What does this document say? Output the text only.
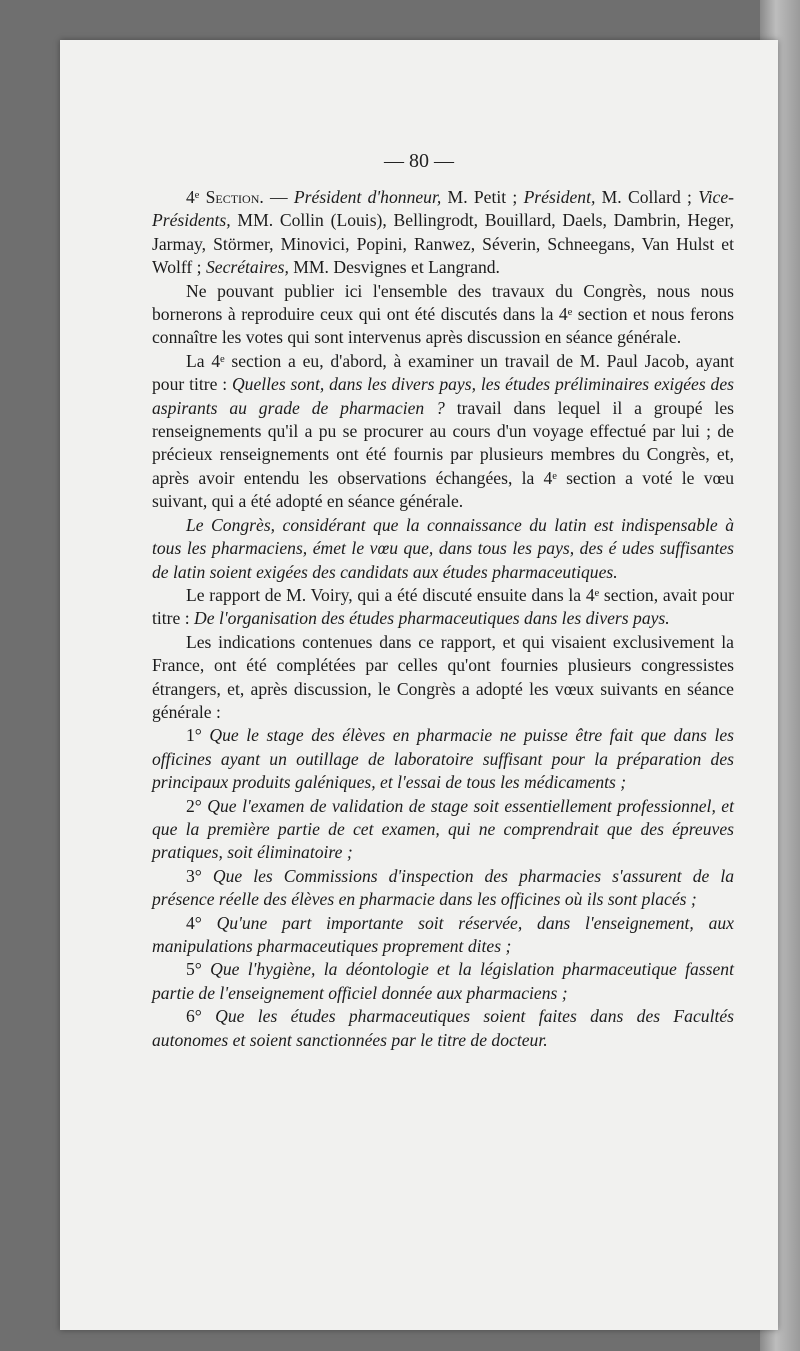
— 80 —

4ᵉ Section. — Président d'honneur, M. Petit ; Président, M. Collard ; Vice-Présidents, MM. Collin (Louis), Bellingrodt, Bouillard, Daels, Dambrin, Heger, Jarmay, Störmer, Minovici, Popini, Ranwez, Séverin, Schneegans, Van Hulst et Wolff ; Secrétaires, MM. Desvignes et Langrand.

Ne pouvant publier ici l'ensemble des travaux du Congrès, nous nous bornerons à reproduire ceux qui ont été discutés dans la 4ᵉ section et nous ferons connaître les votes qui sont intervenus après discussion en séance générale.

La 4ᵉ section a eu, d'abord, à examiner un travail de M. Paul Jacob, ayant pour titre : Quelles sont, dans les divers pays, les études préliminaires exigées des aspirants au grade de pharmacien ? travail dans lequel il a groupé les renseignements qu'il a pu se procurer au cours d'un voyage effectué par lui ; de précieux renseignements ont été fournis par plusieurs membres du Congrès, et, après avoir entendu les observations échangées, la 4ᵉ section a voté le vœu suivant, qui a été adopté en séance générale.

Le Congrès, considérant que la connaissance du latin est indispensable à tous les pharmaciens, émet le vœu que, dans tous les pays, des é udes suffisantes de latin soient exigées des candidats aux études pharmaceutiques.

Le rapport de M. Voiry, qui a été discuté ensuite dans la 4ᵉ section, avait pour titre : De l'organisation des études pharmaceutiques dans les divers pays.

Les indications contenues dans ce rapport, et qui visaient exclusivement la France, ont été complétées par celles qu'ont fournies plusieurs congressistes étrangers, et, après discussion, le Congrès a adopté les vœux suivants en séance générale :

1° Que le stage des élèves en pharmacie ne puisse être fait que dans les officines ayant un outillage de laboratoire suffisant pour la préparation des principaux produits galéniques, et l'essai de tous les médicaments ;

2° Que l'examen de validation de stage soit essentiellement professionnel, et que la première partie de cet examen, qui ne comprendrait que des épreuves pratiques, soit éliminatoire ;

3° Que les Commissions d'inspection des pharmacies s'assurent de la présence réelle des élèves en pharmacie dans les officines où ils sont placés ;

4° Qu'une part importante soit réservée, dans l'enseignement, aux manipulations pharmaceutiques proprement dites ;

5° Que l'hygiène, la déontologie et la législation pharmaceutique fassent partie de l'enseignement officiel donnée aux pharmaciens ;

6° Que les études pharmaceutiques soient faites dans des Facultés autonomes et soient sanctionnées par le titre de docteur.
